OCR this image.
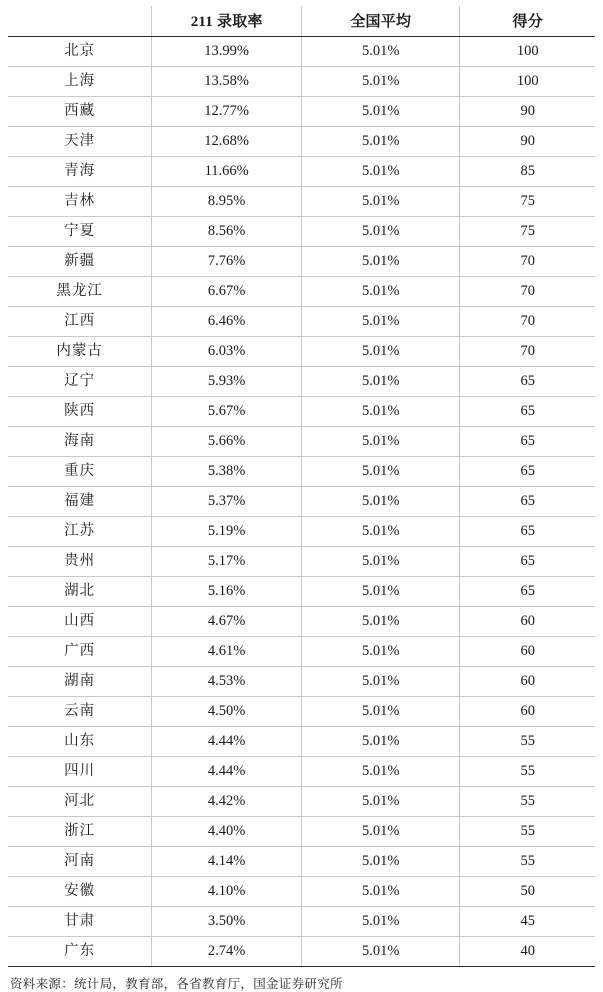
	211 录取率	全国平均	得分
北京	13.99%	5.01%	100
上海	13.58%	5.01%	100
西藏	12.77%	5.01%	90
天津	12.68%	5.01%	90
青海	11.66%	5.01%	85
吉林	8.95%	5.01%	75
宁夏	8.56%	5.01%	75
新疆	7.76%	5.01%	70
黑龙江	6.67%	5.01%	70
江西	6.46%	5.01%	70
内蒙古	6.03%	5.01%	70
辽宁	5.93%	5.01%	65
陕西	5.67%	5.01%	65
海南	5.66%	5.01%	65
重庆	5.38%	5.01%	65
福建	5.37%	5.01%	65
江苏	5.19%	5.01%	65
贵州	5.17%	5.01%	65
湖北	5.16%	5.01%	65
山西	4.67%	5.01%	60
广西	4.61%	5.01%	60
湖南	4.53%	5.01%	60
云南	4.50%	5.01%	60
山东	4.44%	5.01%	55
四川	4.44%	5.01%	55
河北	4.42%	5.01%	55
浙江	4.40%	5.01%	55
河南	4.14%	5.01%	55
安徽	4.10%	5.01%	50
甘肃	3.50%	5.01%	45
广东	2.74%	5.01%	40
资料来源：统计局，教育部，各省教育厅，国金证券研究所
